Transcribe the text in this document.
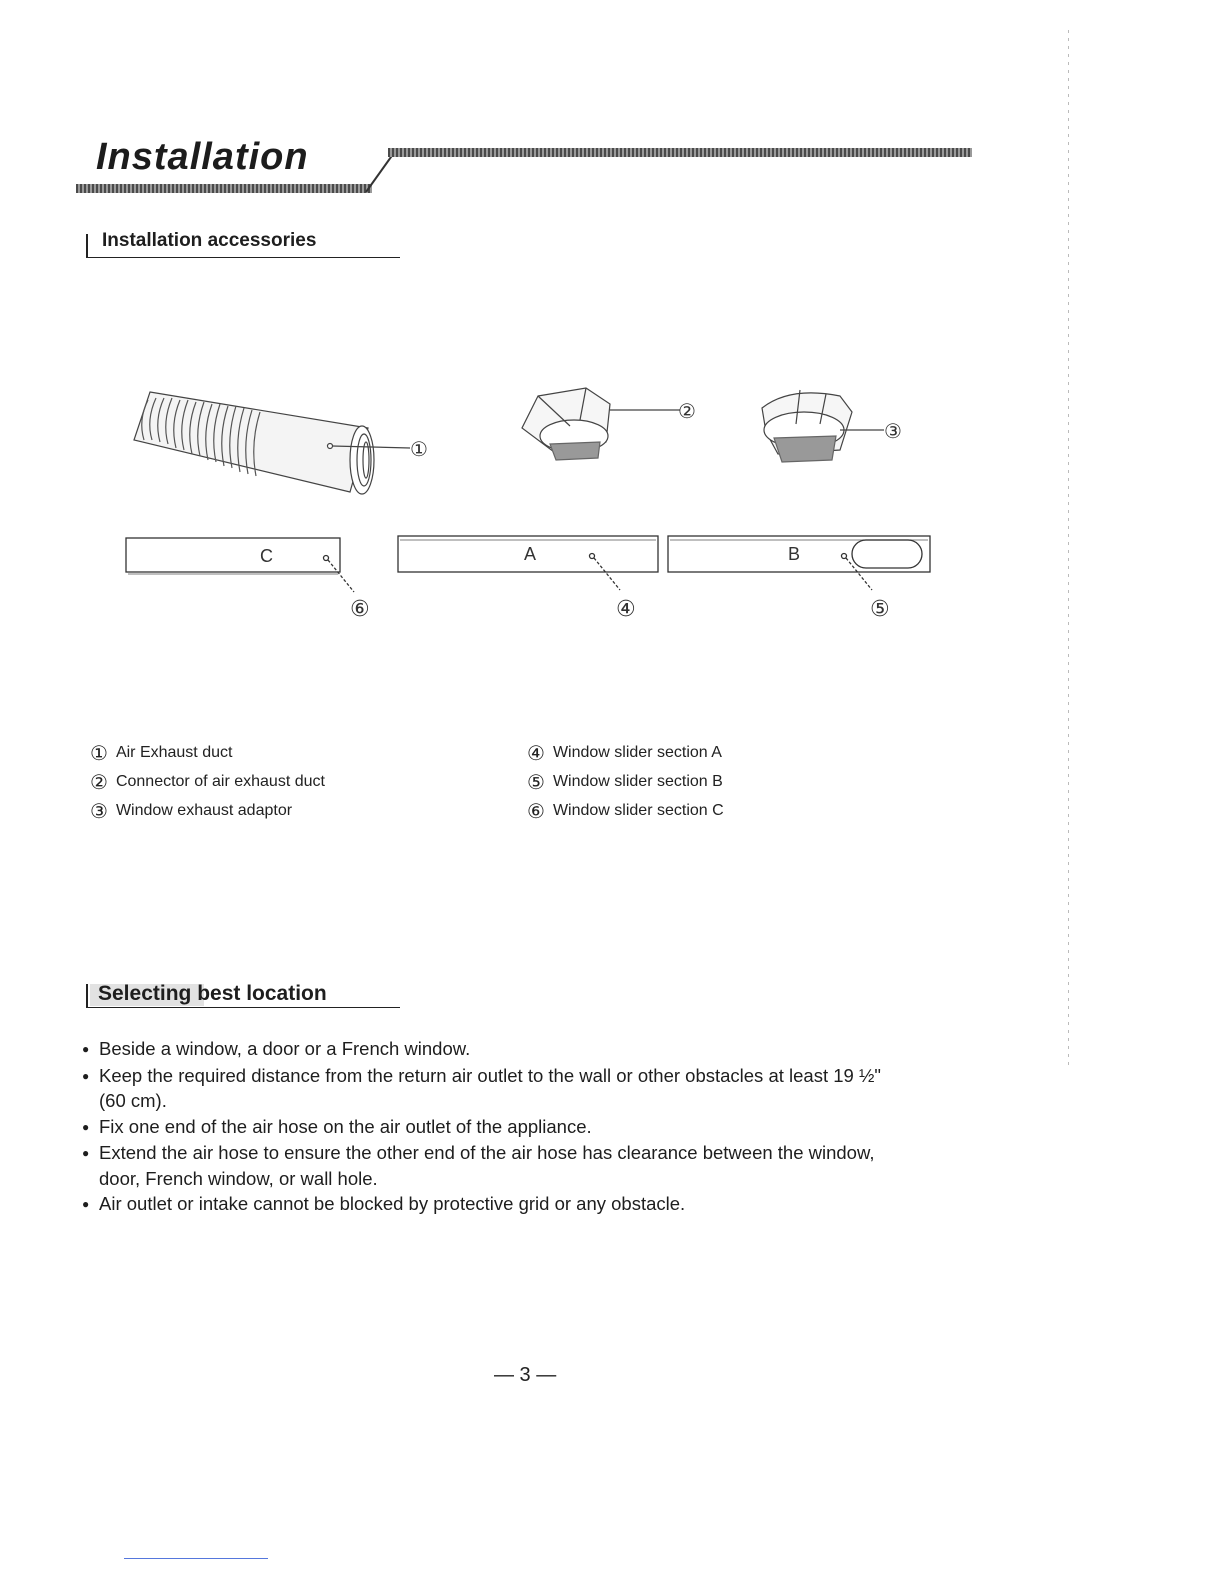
Installation
Installation accessories
①
②
③
C
⑥
A
④
B
⑤
① Air Exhaust duct
② Connector of air exhaust duct
③ Window exhaust adaptor
④ Window slider section A
⑤ Window slider section B
⑥ Window slider section C
Selecting best location
● Beside a window, a door or a French window.
● Keep the required distance from the return air outlet to the wall or other obstacles at least 19 ½" (60 cm).
● Fix one end of the air hose on the air outlet of the appliance.
● Extend the air hose to ensure the other end of the air hose has clearance between the window, door, French window, or wall hole.
● Air outlet or intake cannot be blocked by protective grid or any obstacle.
— 3 —
